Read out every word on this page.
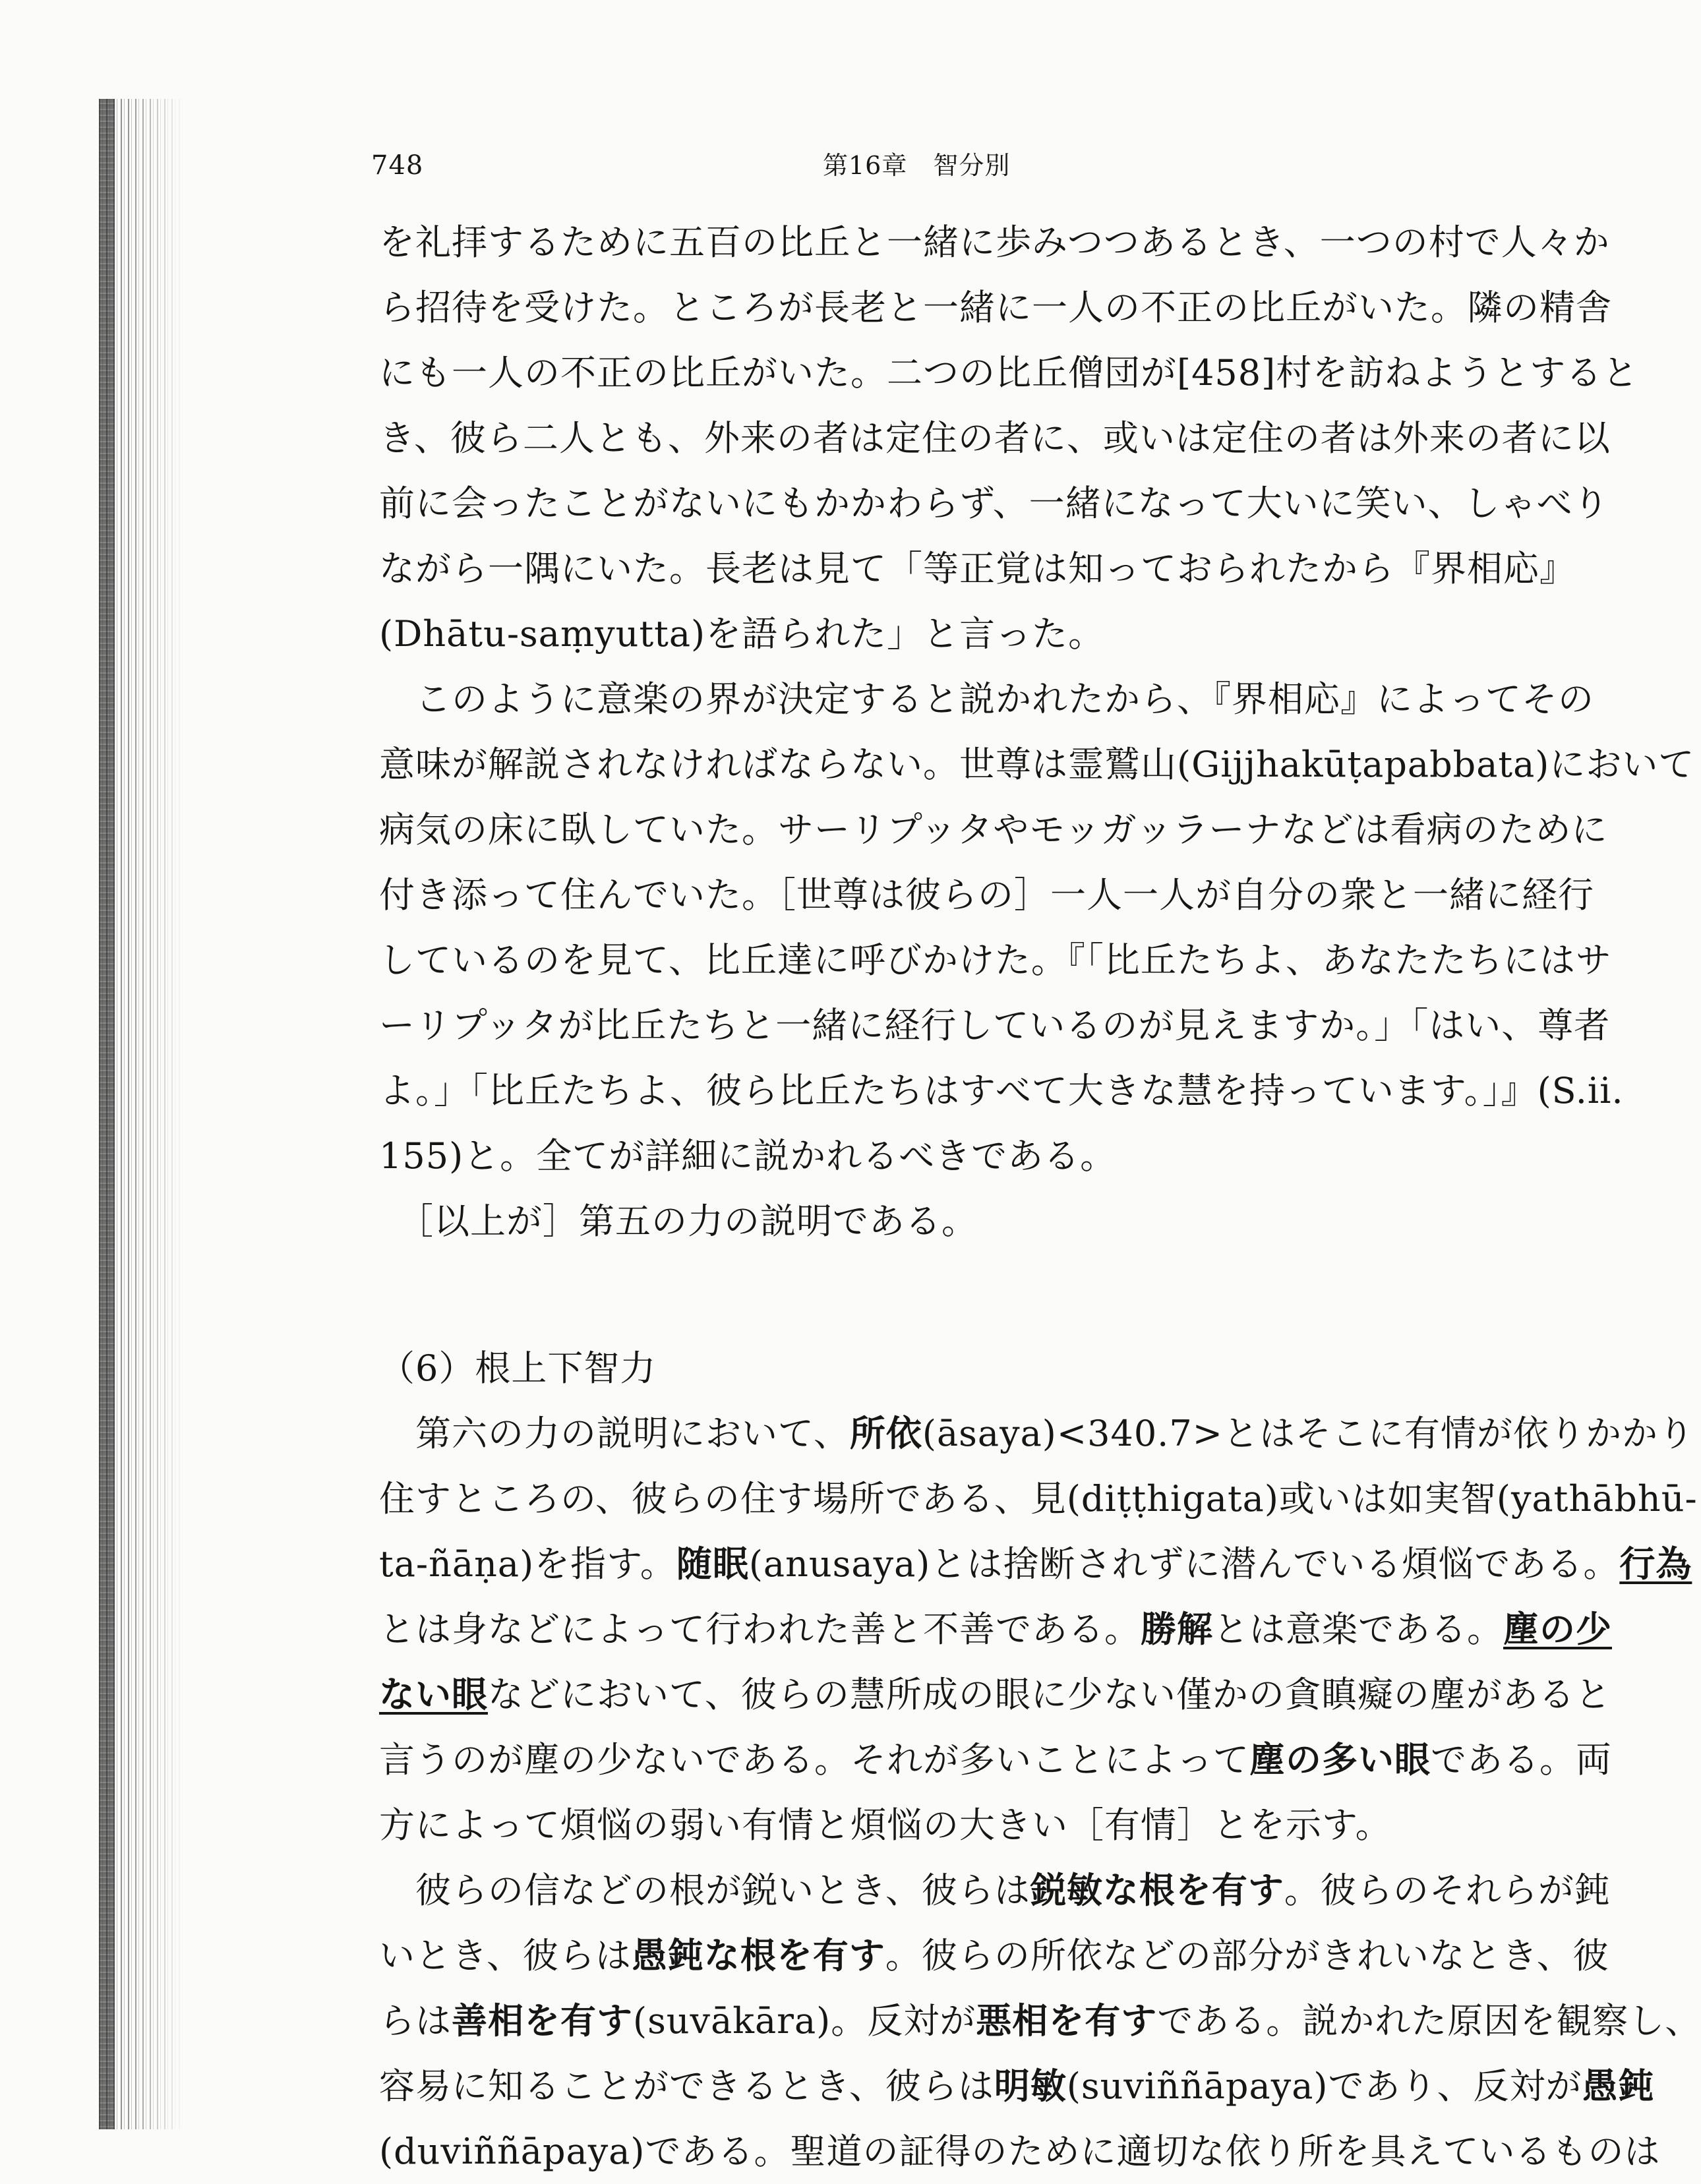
748	第16章　智分別
を礼拝するために五百の比丘と一緒に歩みつつあるとき、一つの村で人々か
ら招待を受けた。ところが長老と一緒に一人の不正の比丘がいた。隣の精舎
にも一人の不正の比丘がいた。二つの比丘僧団が[458]村を訪ねようとすると
き、彼ら二人とも、外来の者は定住の者に、或いは定住の者は外来の者に以
前に会ったことがないにもかかわらず、一緒になって大いに笑い、しゃべり
ながら一隅にいた。長老は見て「等正覚は知っておられたから『界相応』
(Dhātu-saṃyutta)を語られた」と言った。
　このように意楽の界が決定すると説かれたから、『界相応』によってその
意味が解説されなければならない。世尊は霊鷲山(Gijjhakūṭapabbata)において
病気の床に臥していた。サーリプッタやモッガッラーナなどは看病のために
付き添って住んでいた。［世尊は彼らの］一人一人が自分の衆と一緒に経行
しているのを見て、比丘達に呼びかけた。『「比丘たちよ、あなたたちにはサ
ーリプッタが比丘たちと一緒に経行しているのが見えますか。」「はい、尊者
よ。」「比丘たちよ、彼ら比丘たちはすべて大きな慧を持っています。」』(S.ii.
155)と。全てが詳細に説かれるべきである。
　［以上が］第五の力の説明である。
（6）根上下智力
　第六の力の説明において、所依(āsaya)<340.7>とはそこに有情が依りかかり
住すところの、彼らの住す場所である、見(diṭṭhigata)或いは如実智(yathābhū-
ta-ñāṇa)を指す。随眠(anusaya)とは捨断されずに潜んでいる煩悩である。行為
とは身などによって行われた善と不善である。勝解とは意楽である。塵の少
ない眼などにおいて、彼らの慧所成の眼に少ない僅かの貪瞋癡の塵があると
言うのが塵の少ないである。それが多いことによって塵の多い眼である。両
方によって煩悩の弱い有情と煩悩の大きい［有情］とを示す。
　彼らの信などの根が鋭いとき、彼らは鋭敏な根を有す。彼らのそれらが鈍
いとき、彼らは愚鈍な根を有す。彼らの所依などの部分がきれいなとき、彼
らは善相を有す(suvākāra)。反対が悪相を有すである。説かれた原因を観察し、
容易に知ることができるとき、彼らは明敏(suviññāpaya)であり、反対が愚鈍
(duviññāpaya)である。聖道の証得のために適切な依り所を具えているものは
